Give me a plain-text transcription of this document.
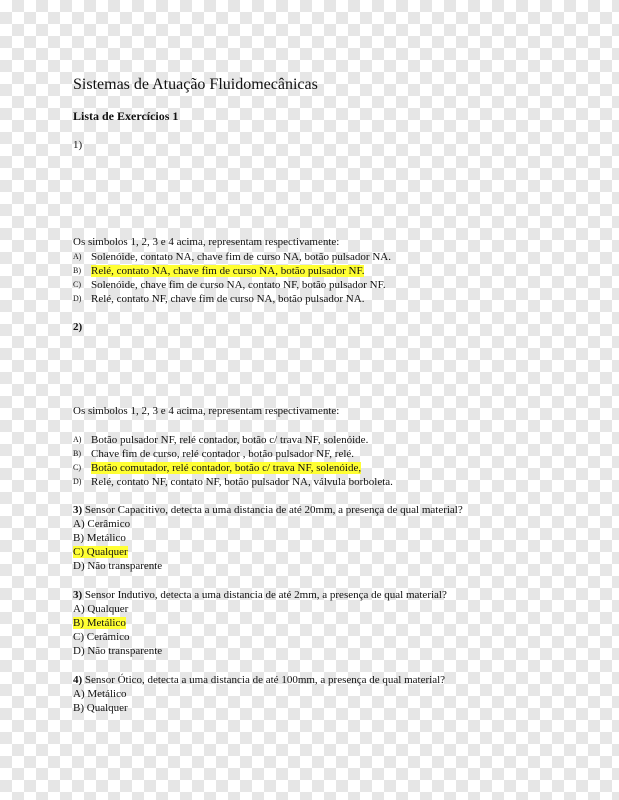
Sistemas de Atuação Fluidomecânicas
Lista de Exercícios 1
1)
Os simbolos 1, 2, 3 e 4 acima, representam respectivamente:
A) Solenóide, contato NA, chave fim de curso NA, botão pulsador NA.
B) Relé, contato NA, chave fim de curso NA, botão pulsador NF.
C) Solenóide, chave fim de curso NA, contato NF, botão pulsador NF.
D) Relé, contato NF, chave fim de curso NA, botão pulsador NA.
2)
Os simbolos 1, 2, 3 e 4 acima, representam respectivamente:
A) Botão pulsador NF, relé contador, botão c/ trava NF, solenóide.
B) Chave fim de curso, relé contador , botão pulsador NF, relé.
C) Botão comutador, relé contador, botão c/ trava NF, solenóide,
D) Relé, contato NF, contato NF, botão pulsador NA, válvula borboleta.
3) Sensor Capacitivo, detecta a uma distancia de até 20mm, a presença de qual material?
A) Cerâmico
B) Metálico
C) Qualquer
D) Não transparente
3) Sensor Indutivo, detecta a uma distancia de até 2mm, a presença de qual material?
A) Qualquer
B) Metálico
C) Cerâmico
D) Não transparente
4) Sensor Ótico, detecta a uma distancia de até 100mm, a presença de qual material?
A) Metálico
B) Qualquer
